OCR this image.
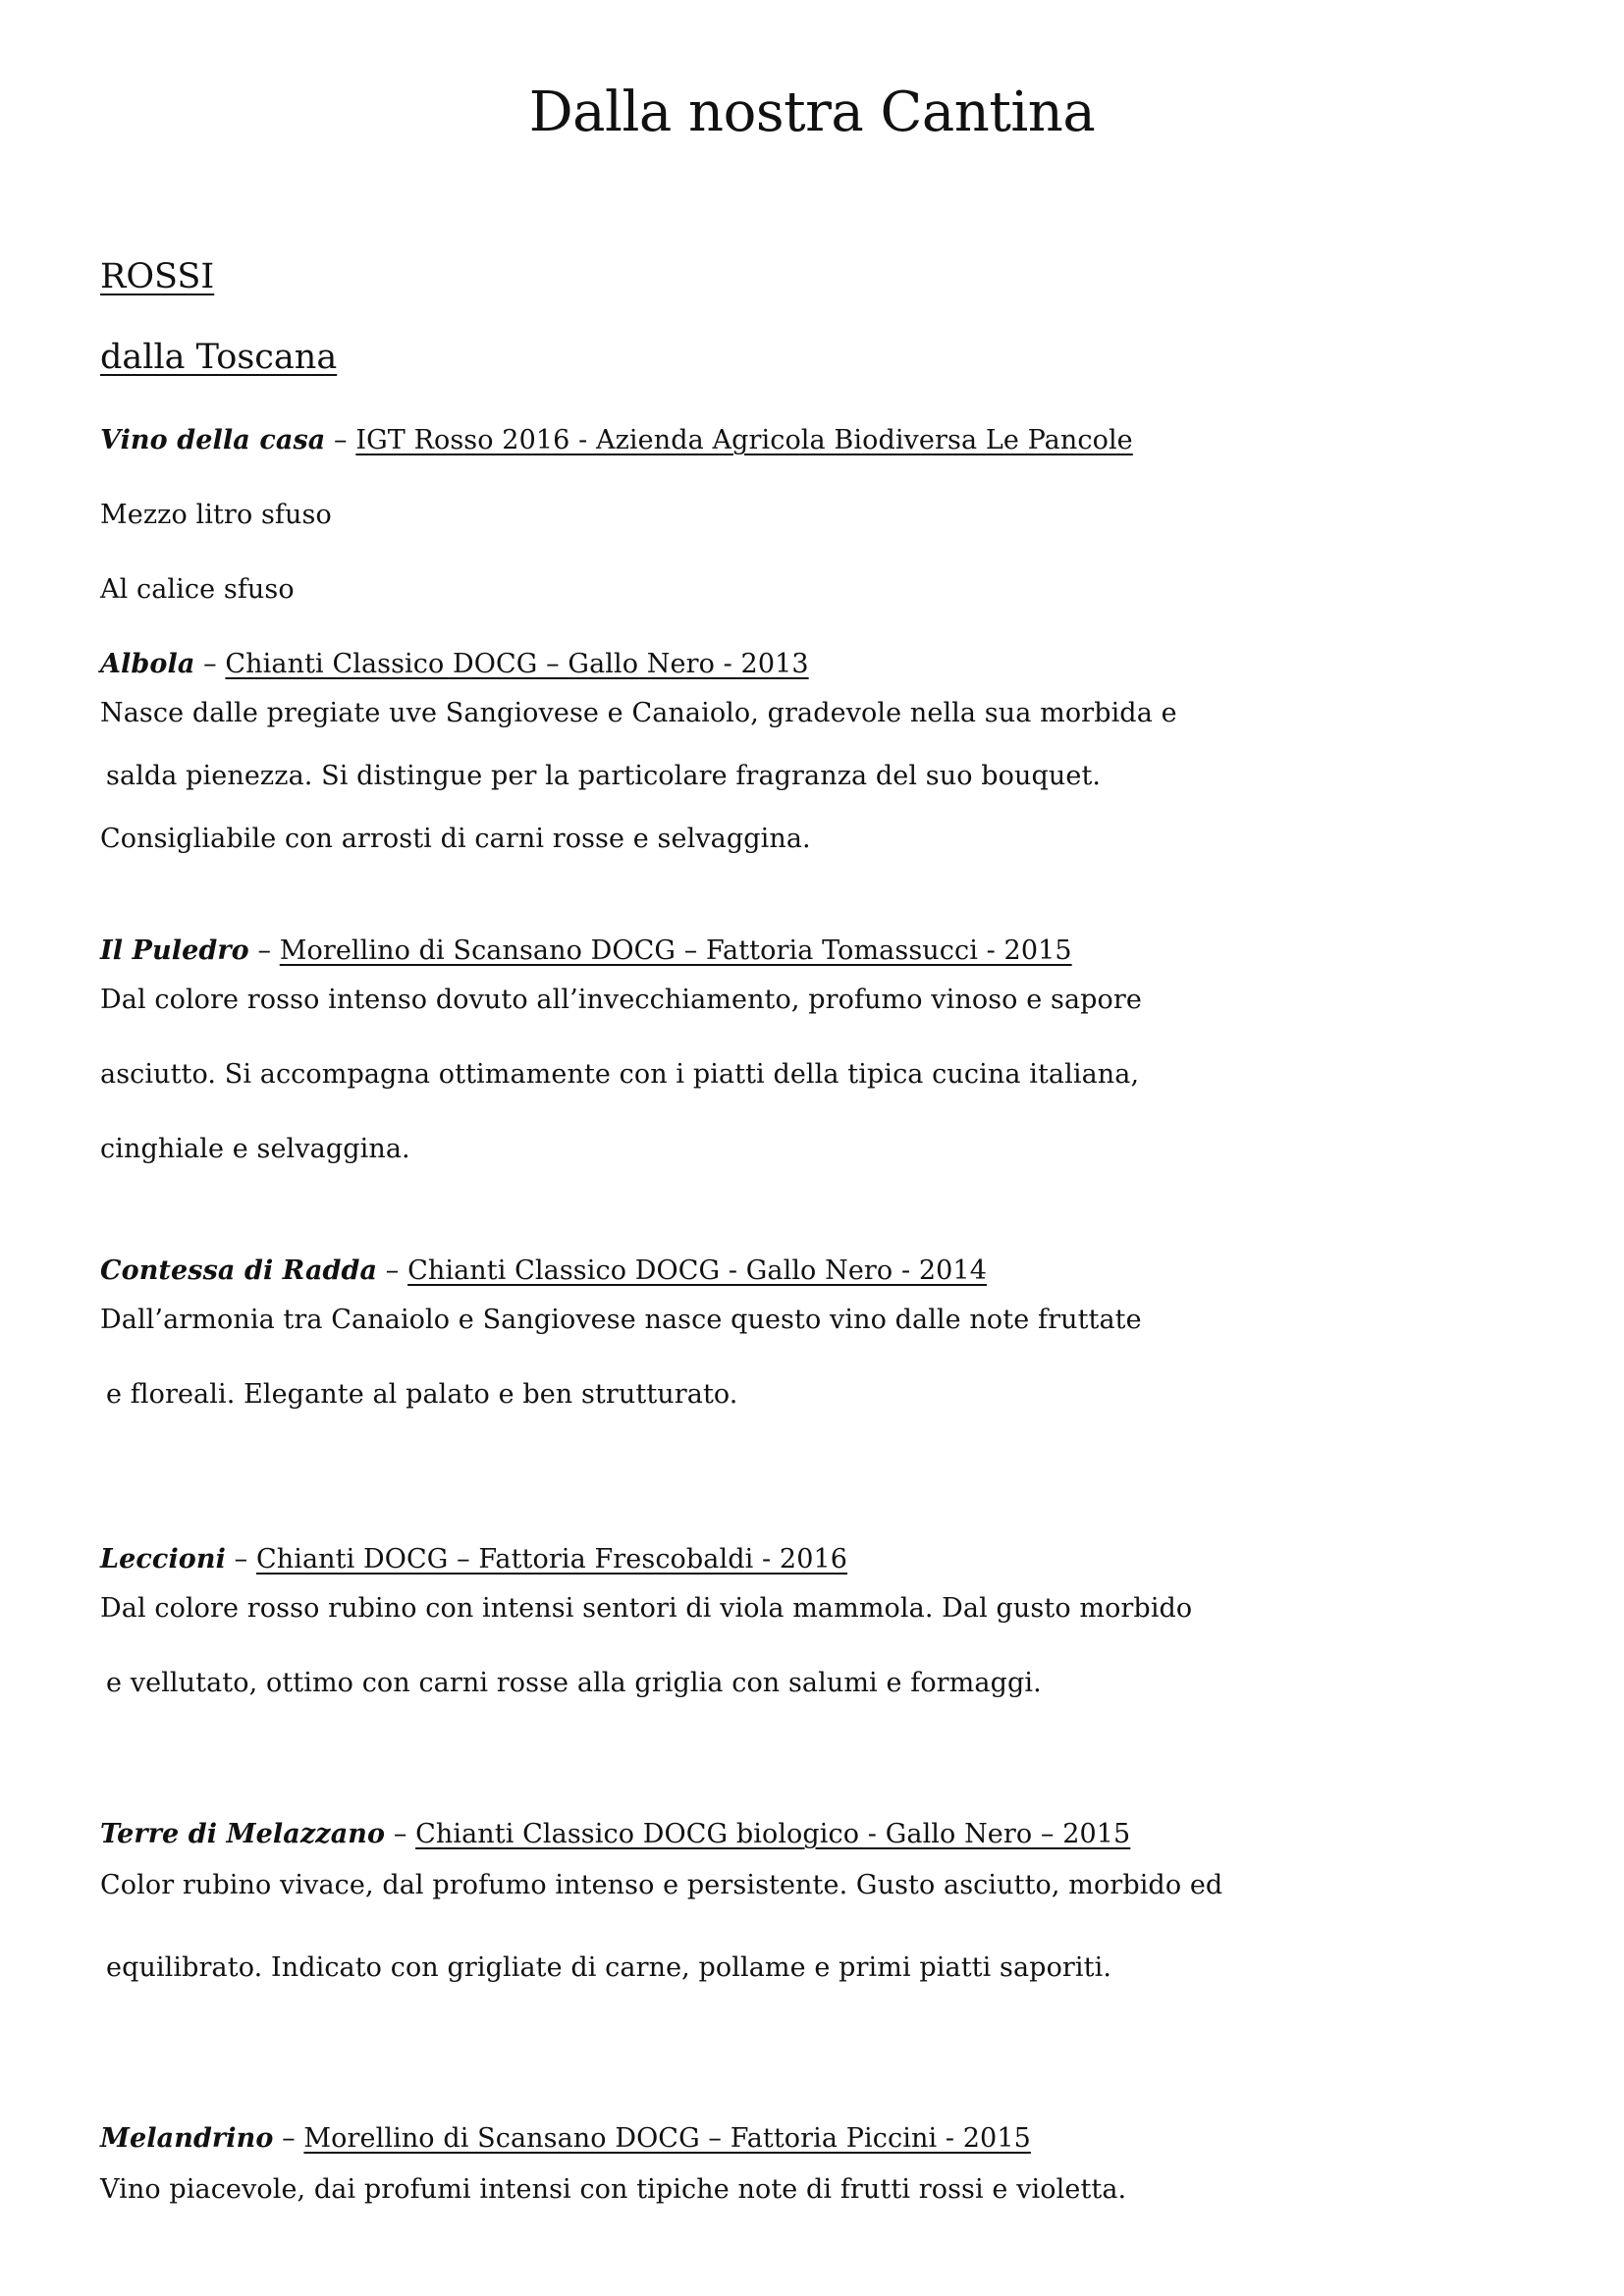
Dalla nostra Cantina
ROSSI
dalla Toscana
Vino della casa – IGT Rosso 2016 - Azienda Agricola Biodiversa Le Pancole
Mezzo litro sfuso
Al calice sfuso
Albola – Chianti Classico DOCG – Gallo Nero - 2013
Nasce dalle pregiate uve Sangiovese e Canaiolo, gradevole nella sua morbida e
salda pienezza. Si distingue per la particolare fragranza del suo bouquet.
Consigliabile con arrosti di carni rosse e selvaggina.
Il Puledro – Morellino di Scansano DOCG – Fattoria Tomassucci - 2015
Dal colore rosso intenso dovuto all’invecchiamento, profumo vinoso e sapore
asciutto. Si accompagna ottimamente con i piatti della tipica cucina italiana,
cinghiale e selvaggina.
Contessa di Radda – Chianti Classico DOCG - Gallo Nero - 2014
Dall’armonia tra Canaiolo e Sangiovese nasce questo vino dalle note fruttate
e floreali. Elegante al palato e ben strutturato.
Leccioni – Chianti DOCG – Fattoria Frescobaldi - 2016
Dal colore rosso rubino con intensi sentori di viola mammola. Dal gusto morbido
e vellutato, ottimo con carni rosse alla griglia con salumi e formaggi.
Terre di Melazzano – Chianti Classico DOCG biologico - Gallo Nero – 2015
Color rubino vivace, dal profumo intenso e persistente. Gusto asciutto, morbido ed
equilibrato. Indicato con grigliate di carne, pollame e primi piatti saporiti.
Melandrino – Morellino di Scansano DOCG – Fattoria Piccini - 2015
Vino piacevole, dai profumi intensi con tipiche note di frutti rossi e violetta.
